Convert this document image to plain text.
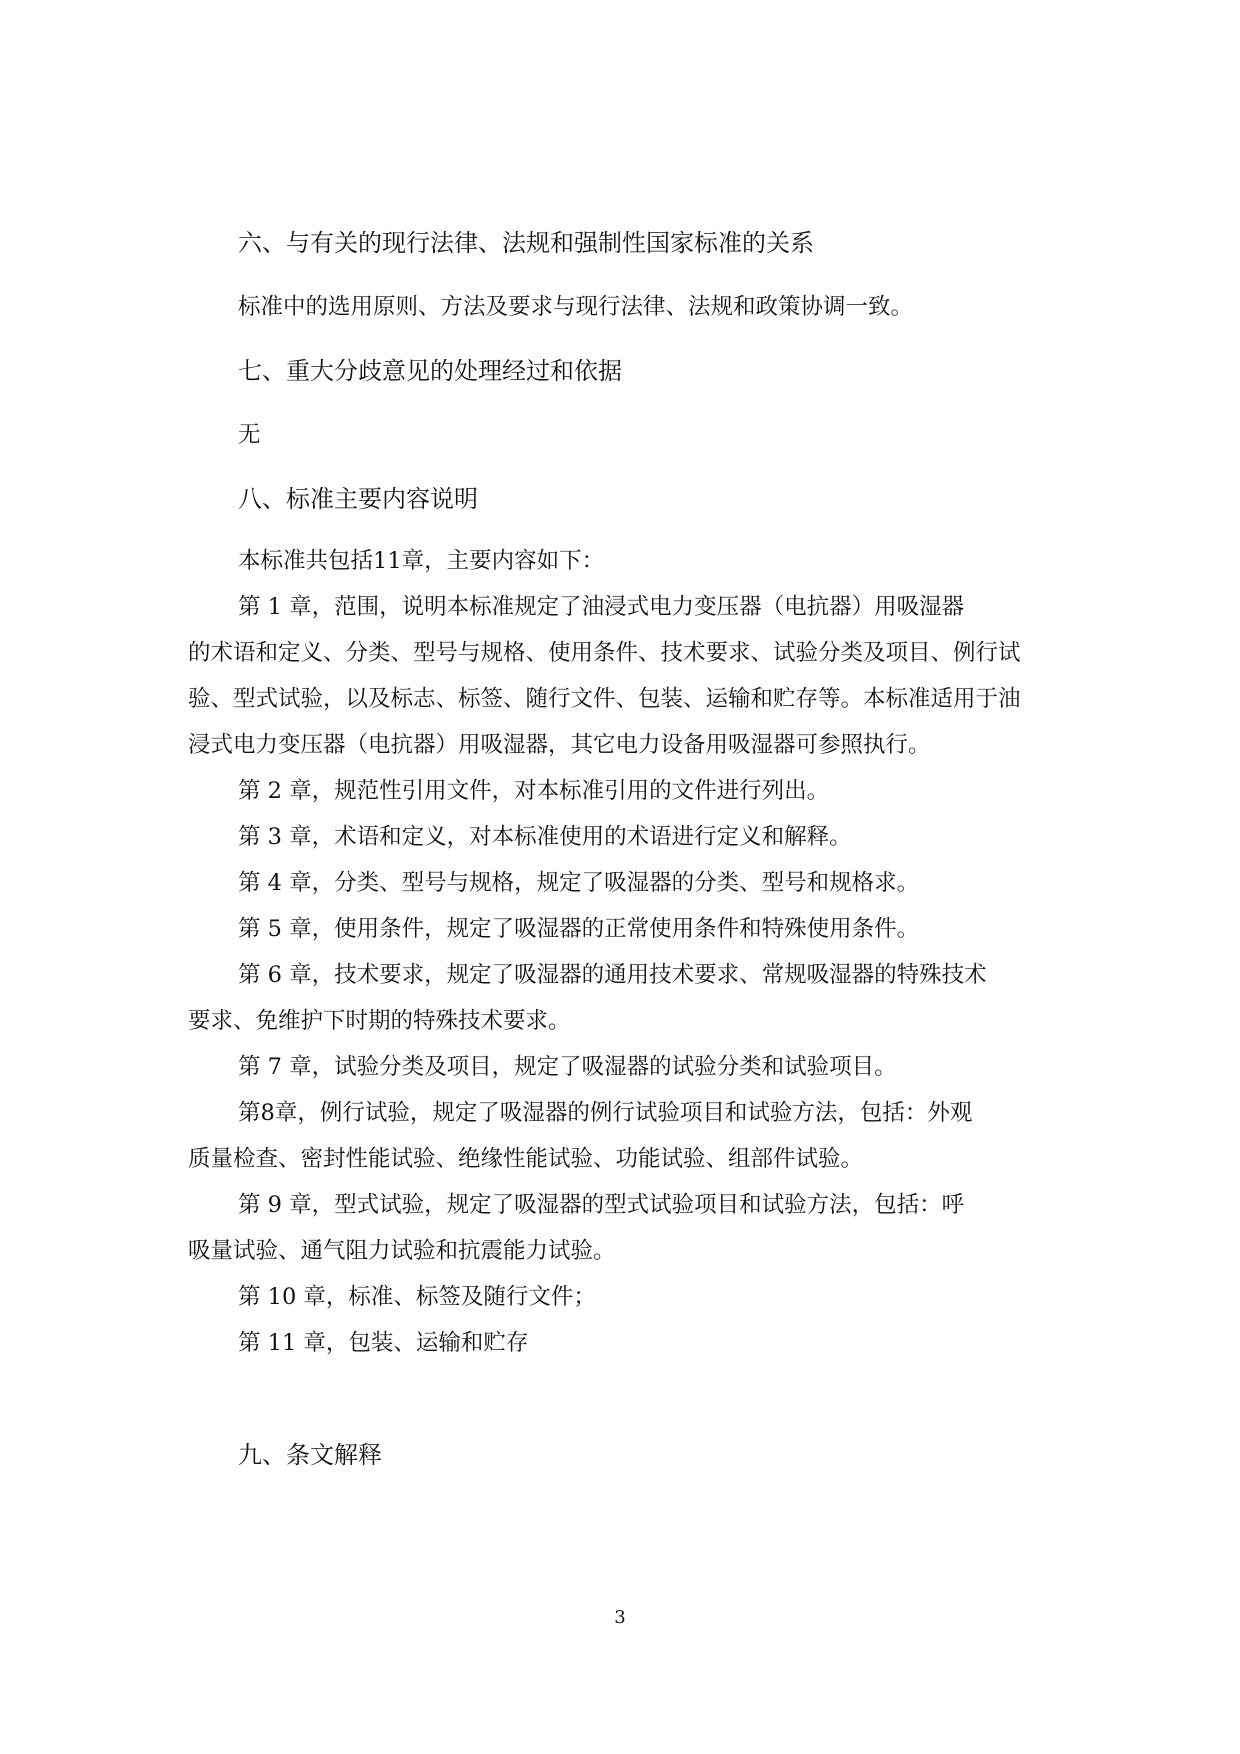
六、与有关的现行法律、法规和强制性国家标准的关系
标准中的选用原则、方法及要求与现行法律、法规和政策协调一致。
七、重大分歧意见的处理经过和依据
无
八、标准主要内容说明
本标准共包括11章，主要内容如下：
第 1 章，范围，说明本标准规定了油浸式电力变压器（电抗器）用吸湿器
的术语和定义、分类、型号与规格、使用条件、技术要求、试验分类及项目、例行试
验、型式试验，以及标志、标签、随行文件、包装、运输和贮存等。本标准适用于油
浸式电力变压器（电抗器）用吸湿器，其它电力设备用吸湿器可参照执行。
第 2 章，规范性引用文件，对本标准引用的文件进行列出。
第 3 章，术语和定义，对本标准使用的术语进行定义和解释。
第 4 章，分类、型号与规格，规定了吸湿器的分类、型号和规格求。
第 5 章，使用条件，规定了吸湿器的正常使用条件和特殊使用条件。
第 6 章，技术要求，规定了吸湿器的通用技术要求、常规吸湿器的特殊技术
要求、免维护下时期的特殊技术要求。
第 7 章，试验分类及项目，规定了吸湿器的试验分类和试验项目。
第8章，例行试验，规定了吸湿器的例行试验项目和试验方法，包括：外观
质量检查、密封性能试验、绝缘性能试验、功能试验、组部件试验。
第 9 章，型式试验，规定了吸湿器的型式试验项目和试验方法，包括：呼
吸量试验、通气阻力试验和抗震能力试验。
第 10 章，标准、标签及随行文件；
第 11 章，包装、运输和贮存
九、条文解释
3
